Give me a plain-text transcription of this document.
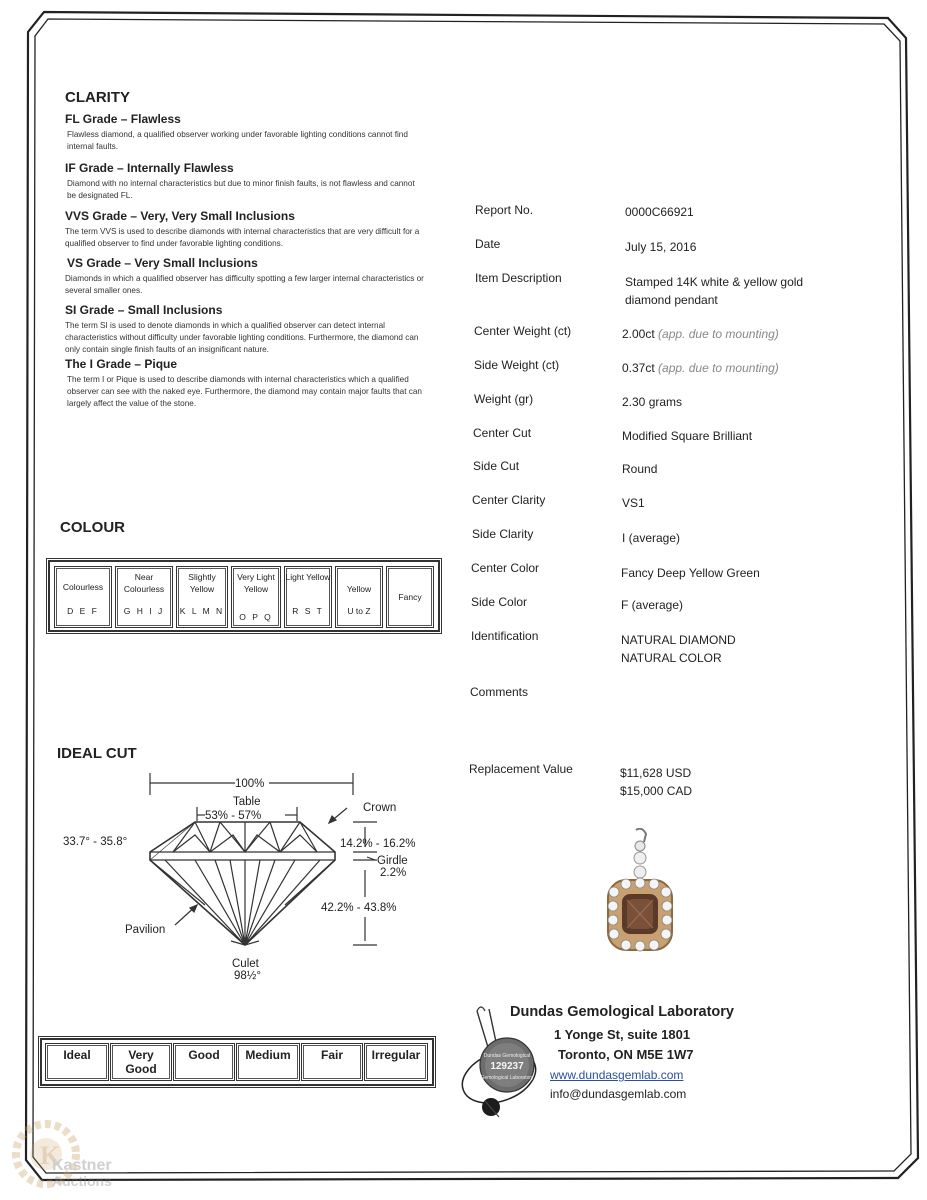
CLARITY
FL Grade – Flawless
Flawless diamond, a qualified observer working under favorable lighting conditions cannot find internal faults.
IF Grade – Internally Flawless
Diamond with no internal characteristics but due to minor finish faults, is not flawless and cannot be designated FL.
VVS Grade – Very, Very Small Inclusions
The term VVS is used to describe diamonds with internal characteristics that are very difficult for a qualified observer to find under favorable lighting conditions.
VS Grade – Very Small Inclusions
Diamonds in which a qualified observer has difficulty spotting a few larger internal characteristics or several smaller ones.
SI Grade – Small Inclusions
The term SI is used to denote diamonds in which a qualified observer can detect internal characteristics without difficulty under favorable lighting conditions. Furthermore, the diamond can only contain single finish faults of an insignificant nature.
The I Grade – Pique
The term I or Pique is used to describe diamonds with internal characteristics which a qualified observer can see with the naked eye. Furthermore, the diamond may contain major faults that can largely affect the value of the stone.
COLOUR
Colourless
D E F
Near Colourless
G H I J
Slightly Yellow
K L M N
Very Light Yellow
O P Q
Light Yellow
R S T
Yellow
U to Z
Fancy
IDEAL CUT
100%
Table
53% - 57%
Crown
33.7° - 35.8°	14.2% - 16.2%
Girdle
2.2%
42.2% - 43.8%
Pavilion
Culet
98½°
Ideal	Very Good
Good	Medium	Fair	Irregular
Report No.	0000C66921
Date	July 15, 2016
Item Description	Stamped 14K white & yellow gold
diamond pendant
Center Weight (ct)	2.00ct (app. due to mounting)
Side Weight (ct)	0.37ct (app. due to mounting)
Weight (gr)	2.30 grams
Center Cut	Modified Square Brilliant
Side Cut	Round
Center Clarity	VS1
Side Clarity	I (average)
Center Color	Fancy Deep Yellow Green
Side Color	F (average)
Identification	NATURAL DIAMOND
NATURAL COLOR
Comments
Replacement Value	$11,628 USD
$15,000 CAD
Dundas Gemological
129237
Gemological Laboratory
Dundas Gemological Laboratory
1 Yonge St, suite 1801
Toronto, ON M5E 1W7
www.dundasgemlab.com
info@dundasgemlab.com
K
Kastner
Auctions
